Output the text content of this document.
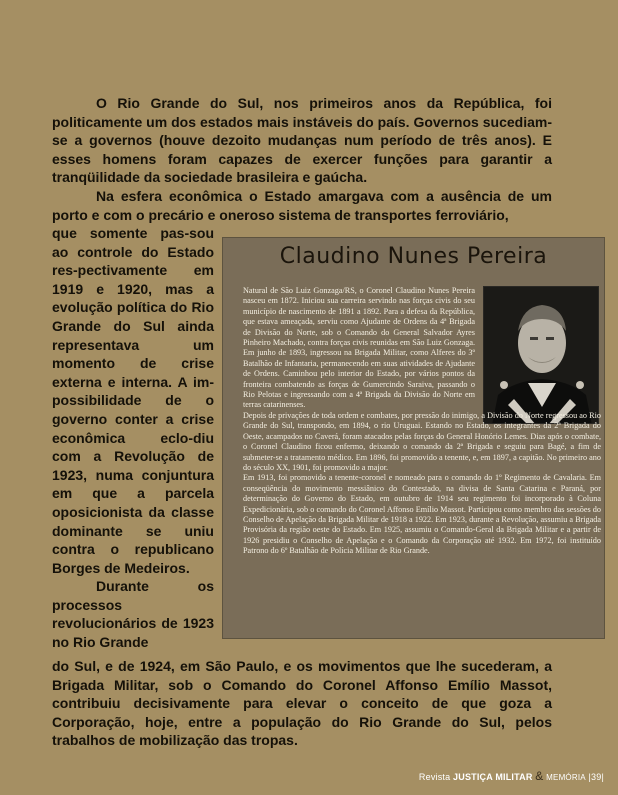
O Rio Grande do Sul, nos primeiros anos da República, foi politicamente um dos estados mais instáveis do país. Governos sucediam-se a governos (houve dezoito mudanças num período de três anos). E esses homens foram capazes de exercer funções para garantir a tranqüilidade da sociedade brasileira e gaúcha.

Na esfera econômica o Estado amargava com a ausência de um porto e com o precário e oneroso sistema de transportes ferroviário,

que somente pas-sou ao controle do Estado res-pectivamente em 1919 e 1920, mas a evolução política do Rio Grande do Sul ainda representava um momento de crise externa e interna. A im-possibilidade de o governo conter a crise econômica eclo-diu com a Revolução de 1923, numa conjuntura em que a parcela oposicionista da classe dominante se uniu contra o republicano Borges de Medeiros.

Durante os processos revolucionários de 1923 no Rio Grande

Claudino Nunes Pereira

Natural de São Luiz Gonzaga/RS, o Coronel Claudino Nunes Pereira nasceu em 1872. Iniciou sua carreira servindo nas forças civis do seu município de nascimento de 1891 a 1892. Para a defesa da República, que estava ameaçada, serviu como Ajudante de Ordens da 4ª Brigada de Divisão do Norte, sob o Comando do General Salvador Ayres Pinheiro Machado, contra forças civis reunidas em São Luiz Gonzaga. Em junho de 1893, ingressou na Brigada Militar, como Alferes do 3º Batalhão de Infantaria, permanecendo em suas atividades de Ajudante de Ordens. Caminhou pelo interior do Estado, por vários pontos da fronteira combatendo as forças de Gumercindo Saraiva, passando o Rio Pelotas e ingressando com a 4ª Brigada da Divisão do Norte em terras catarinenses.

Depois de privações de toda ordem e combates, por pressão do inimigo, a Divisão do Norte regressou ao Rio Grande do Sul, transpondo, em 1894, o rio Uruguai. Estando no Estado, os integrantes da 2ª Brigada do Oeste, acampados no Caverá, foram atacados pelas forças do General Honório Lemes. Dias após o combate, o Coronel Claudino ficou enfermo, deixando o comando da 2ª Brigada e seguiu para Bagé, a fim de submeter-se a tratamento médico. Em 1896, foi promovido a tenente, e, em 1897, a capitão. No primeiro ano do século XX, 1901, foi promovido a major.

Em 1913, foi promovido a tenente-coronel e nomeado para o comando do 1º Regimento de Cavalaria. Em conseqüência do movimento messiânico do Contestado, na divisa de Santa Catarina e Paraná, por determinação do Governo do Estado, em outubro de 1914 seu regimento foi incorporado à Coluna Expedicionária, sob o comando do Coronel Affonso Emílio Massot. Participou como membro das sessões do Conselho de Apelação da Brigada Militar de 1918 a 1922. Em 1923, durante a Revolução, assumiu a Brigada Provisória da região oeste do Estado. Em 1925, assumiu o Comando-Geral da Brigada Militar e a partir de 1926 presidiu o Conselho de Apelação e o Comando da Corporação até 1932. Em 1972, foi instituído Patrono do 6º Batalhão de Polícia Militar de Rio Grande.

do Sul, e de 1924, em São Paulo, e os movimentos que lhe sucederam, a Brigada Militar, sob o Comando do Coronel Affonso Emílio Massot, contribuiu decisivamente para elevar o conceito de que goza a Corporação, hoje, entre a população do Rio Grande do Sul, pelos trabalhos de mobilização das tropas.

Revista JUSTIÇA MILITAR & MEMÓRIA |39|
